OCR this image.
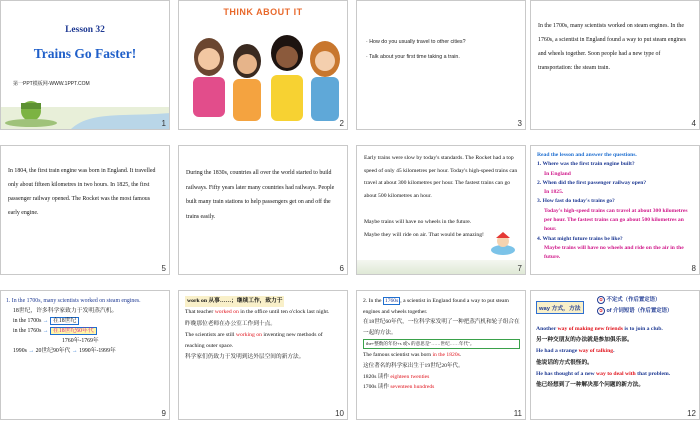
Lesson 32
Trains Go Faster!
第一PPT模板网-WWW.1PPT.COM
1
THINK ABOUT IT
2
· How do you usually travel to other cities?
· Talk about your first time taking a train.
3
In the 1700s, many scientists worked on steam engines. In the 1760s, a scientist in England found a way to put steam engines and wheels together. Soon people had a new type of transportation: the steam train.
4
In 1804, the first train engine was born in England. It travelled only about fifteen kilometres in two hours. In 1825, the first passenger railway opened. The Rocket was the most famous early engine.
5
During the 1830s, countries all over the world started to build railways. Fifty years later many countries had railways. People built many train stations to help passengers get on and off the trains easily.
6
Early trains were slow by today's standards. The Rocket had a top speed of only 45 kilometres per hour. Today's high-speed trains can travel at about 300 kilometres per hour. The fastest trains can go about 500 kilometres an hour.
Maybe trains will have no wheels in the future. Maybe they will ride on air. That would be amazing!
7
Read the lesson and answer the questions.
1. Where was the first train engine built?
In England
2. When did the first passenger railway open?
In 1825.
3. How fast do today's trains go?
Today's high-speed trains can travel at about 300 kilometres per hour. The fastest trains can go about 500 kilometres an hour.
4. What might future trains be like?
Maybe trains will have no wheels and ride on the air in the future.
8

1. In the 1700s, many scientists worked on steam engines.

18世纪，许多科学家致力于发明蒸汽机。

in the 1700s → 在18世纪

in the 1760s → 在18世纪60年代

1760年-1769年

1990s → 20世纪90年代 → 1990年-1999年

9

work on 从事……；继续工作，致力于

That teacher worked on in the office until ten o'clock last night.

昨晚那位老师在办公室工作到十点。

The scientists are still working on inventing new methods of reaching outer space.

科学家们仍致力于发明到达外层空间的新方法。

10

2. In the 1760s , a scientist in England found a way to put steam engines and wheels together.

在18世纪60年代，一位科学家发明了一种把蒸汽机和轮子组合在一起的方法。

the+整数的年份+s 或's 的意思是"……世纪……年代"。

The famous scientist was born in the 1820s.

这位著名的科学家出生于19世纪20年代。

1820s 读作 eighteen twenties

1700s 读作 seventeen hundreds

11
way 方式，方法
① 不定式（作后置定语）
② of 介词短语（作后置定语）

Another way of making new friends is to join a club.

另一种交朋友的办法就是参加俱乐部。

He had a strange way of talking.

他说话的方式很怪的。

He has thought of a new way to deal with that problem.

他已经想到了一种解决那个问题的新方法。

12
